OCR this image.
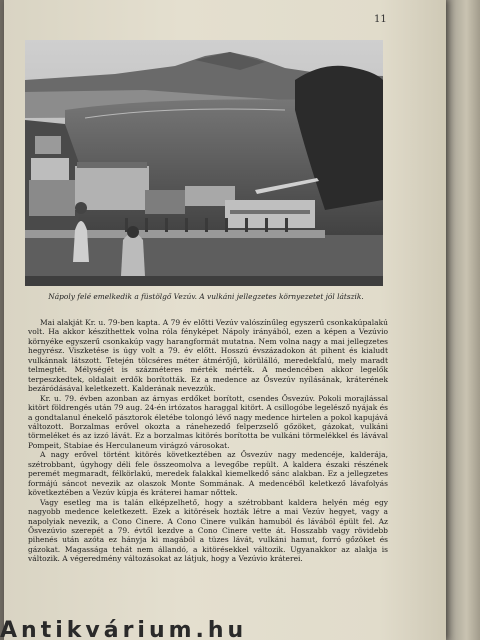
11
Nápoly felé emelkedik a füstölgő Vezúv. A vulkáni jellegzetes környezetet jól látszik.

Mai alakját Kr. u. 79-ben kapta. A 79 év előtti Vezúv valószínűleg egyszerű csonkakúpalakú volt. Ha akkor készíthettek volna róla fényképet Nápoly irányából, ezen a képen a Vezúvio környéke egyszerű csonkakúp vagy harangformát mutatna. Nem volna nagy a mai jellegzetes hegyrész. Viszketése is úgy volt a 79. év előtt. Hosszú évszázadokon át pihent és kialudt vulkánnak látszott. Tetején tölcséres méter átmérőjű, körülálló, meredekfalú, mely maradt telmegtét. Mélységét is százméteres mérték mérték. A medencében akkor legelők terpeszkedtek, oldalait erdők borították. Ez a medence az Ősvezúv nyílásának, kráterének bezáródásával keletkezett. Kalderának nevezzük.

Kr. u. 79. évben azonban az árnyas erdőket borított, csendes Ősvezúv. Pokoli morajlással kitört földrengés után 79 aug. 24-én irtózatos haraggal kitört. A csillogóbe legelésző nyájak és a gondtalanul énekelő pásztorok életébe tolongó lévő nagy medence hirtelen a pokol kapujává változott. Borzalmas erővel okozta a ránehezedő felperzselő gőzöket, gázokat, vulkáni törmeléket és az izzó lávát. Ez a borzalmas kitörés borította be vulkáni törmelékkel és lávával Pompeit, Stabiae és Herculaneum virágzó városokat.

A nagy erővel történt kitörés következtében az Ősvezúv nagy medencéje, kalderája, szétrobbant, úgyhogy déli fele összeomolva a levegőbe repült. A kaldera északi részének peremét megmaradt, félkörlakú, meredek falakkal kiemelkedő sánc alakban. Ez a jellegzetes formájú sáncot nevezik az olaszok Monte Sommának. A medencéből keletkező lávafolyás következtében a Vezúv kúpja és kráterei hamar nőttek.

Vagy esetleg ma is talán elképzelhető, hogy a szétrobbant kaldera helyén még egy nagyobb medence keletkezett. Ezek a kitörések hozták létre a mai Vezúv hegyet, vagy a napolyiak nevezik, a Cono Cinere. A Cono Cinere vulkán hamuból és lávából épült fel. Az Ősvezúvio szerepét a 79. évtől kezdve a Cono Cinere vette át. Hosszabb vagy rövidebb pihenés után azóta ez hányja ki magából a tüzes lávát, vulkáni hamut, forró gőzöket és gázokat. Magassága tehát nem állandó, a kitörésekkel változik. Ugyanakkor az alakja is változik. A végeredmény változásokat az látjuk, hogy a Vezúvio kráterei.

Antikvárium.hu
